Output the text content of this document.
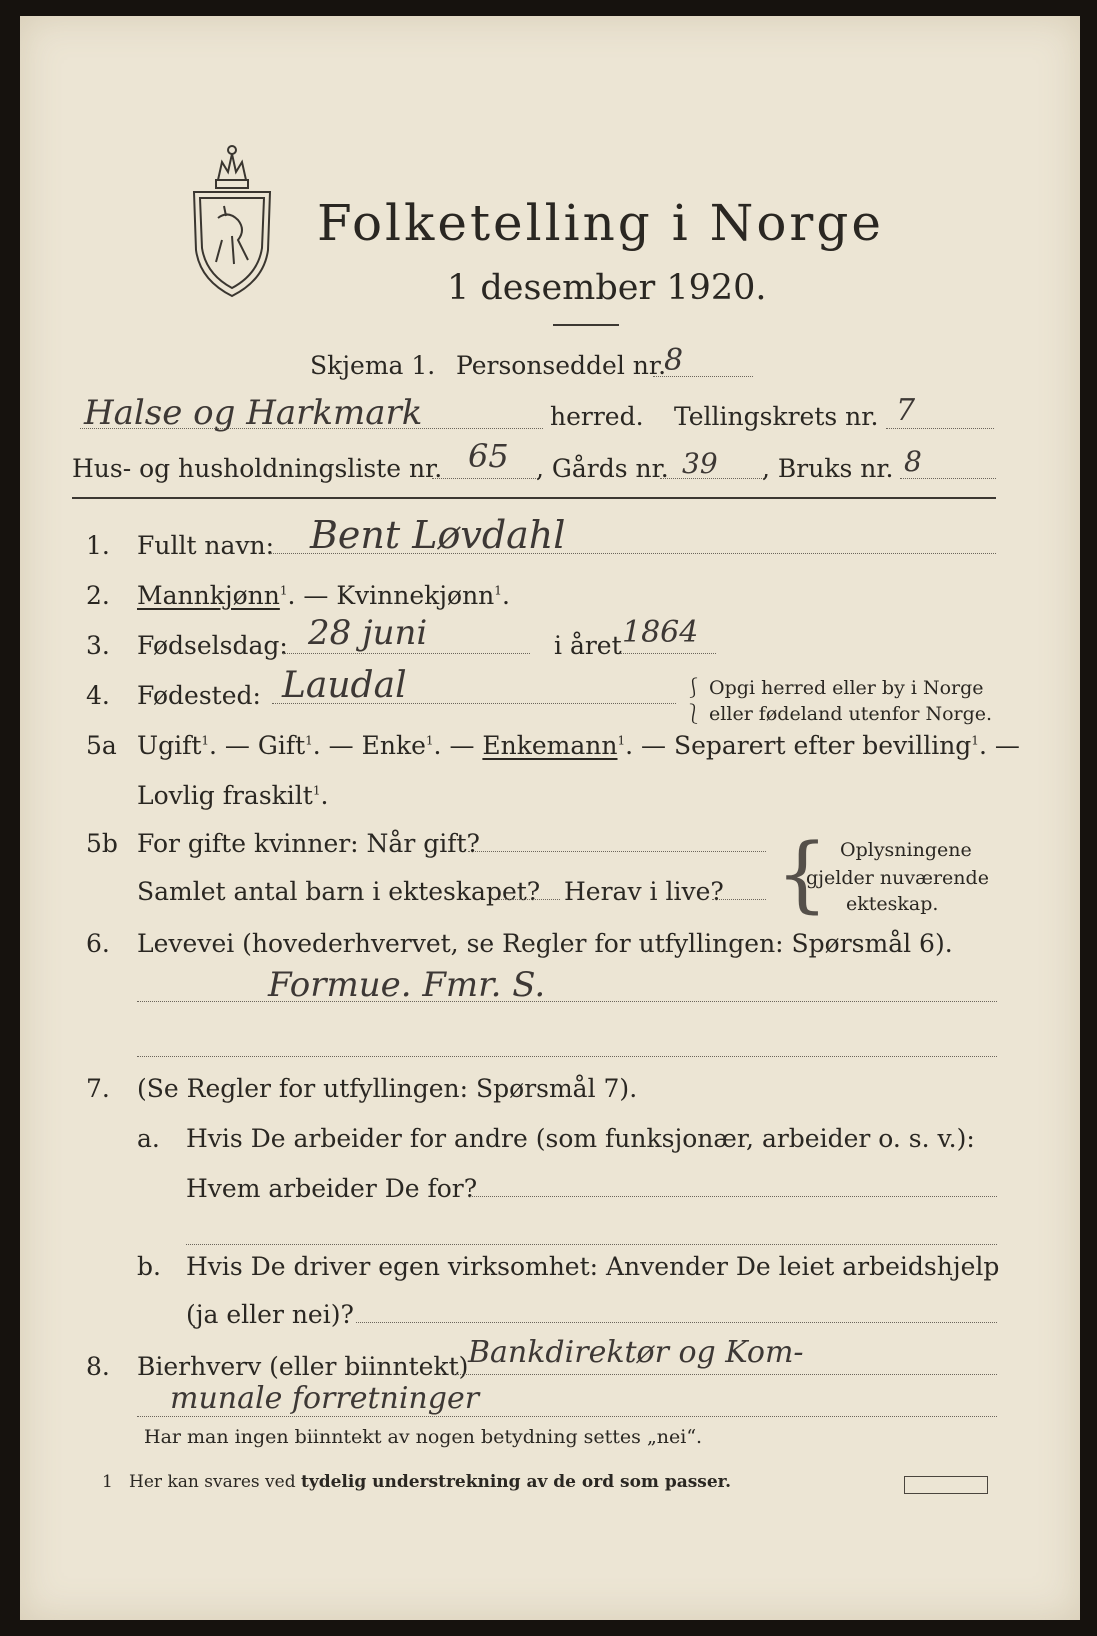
Folketelling i Norge
1 desember 1920.
Skjema 1. Personseddel nr.
8
Halse og Harkmark	herred. Tellingskrets nr. 7
Hus- og husholdningsliste nr. 65 , Gårds nr. 39 , Bruks nr. 8
1. Fullt navn: Bent Løvdahl
2. Mannkjønn$^1$. — Kvinnekjønn$^1$.
3. Fødselsdag: 28 juni	i året 1864
4. Fødested: Laudal	⎰ Opgi herred eller by i Norge
⎱ eller fødeland utenfor Norge.
5a Ugift$^1$. — Gift$^1$. — Enke$^1$. — Enkemann$^1$. — Separert efter bevilling$^1$. —
Lovlig fraskilt$^1$.
5b For gifte kvinner: Når gift?
Samlet antal barn i ekteskapet? Herav i live? { Oplysningene
gjelder nuværende
ekteskap.
6. Levevei (hovederhvervet, se Regler for utfyllingen: Spørsmål 6).
Formue. Fmr. S.
7. (Se Regler for utfyllingen: Spørsmål 7).
a. Hvis De arbeider for andre (som funksjonær, arbeider o. s. v.):
Hvem arbeider De for?
b. Hvis De driver egen virksomhet: Anvender De leiet arbeidshjelp
(ja eller nei)?
8. Bierhverv (eller biinntekt) Bankdirektør og Kom-
munale forretninger
Har man ingen biinntekt av nogen betydning settes „nei“.
1 Her kan svares ved tydelig understrekning av de ord som passer.
